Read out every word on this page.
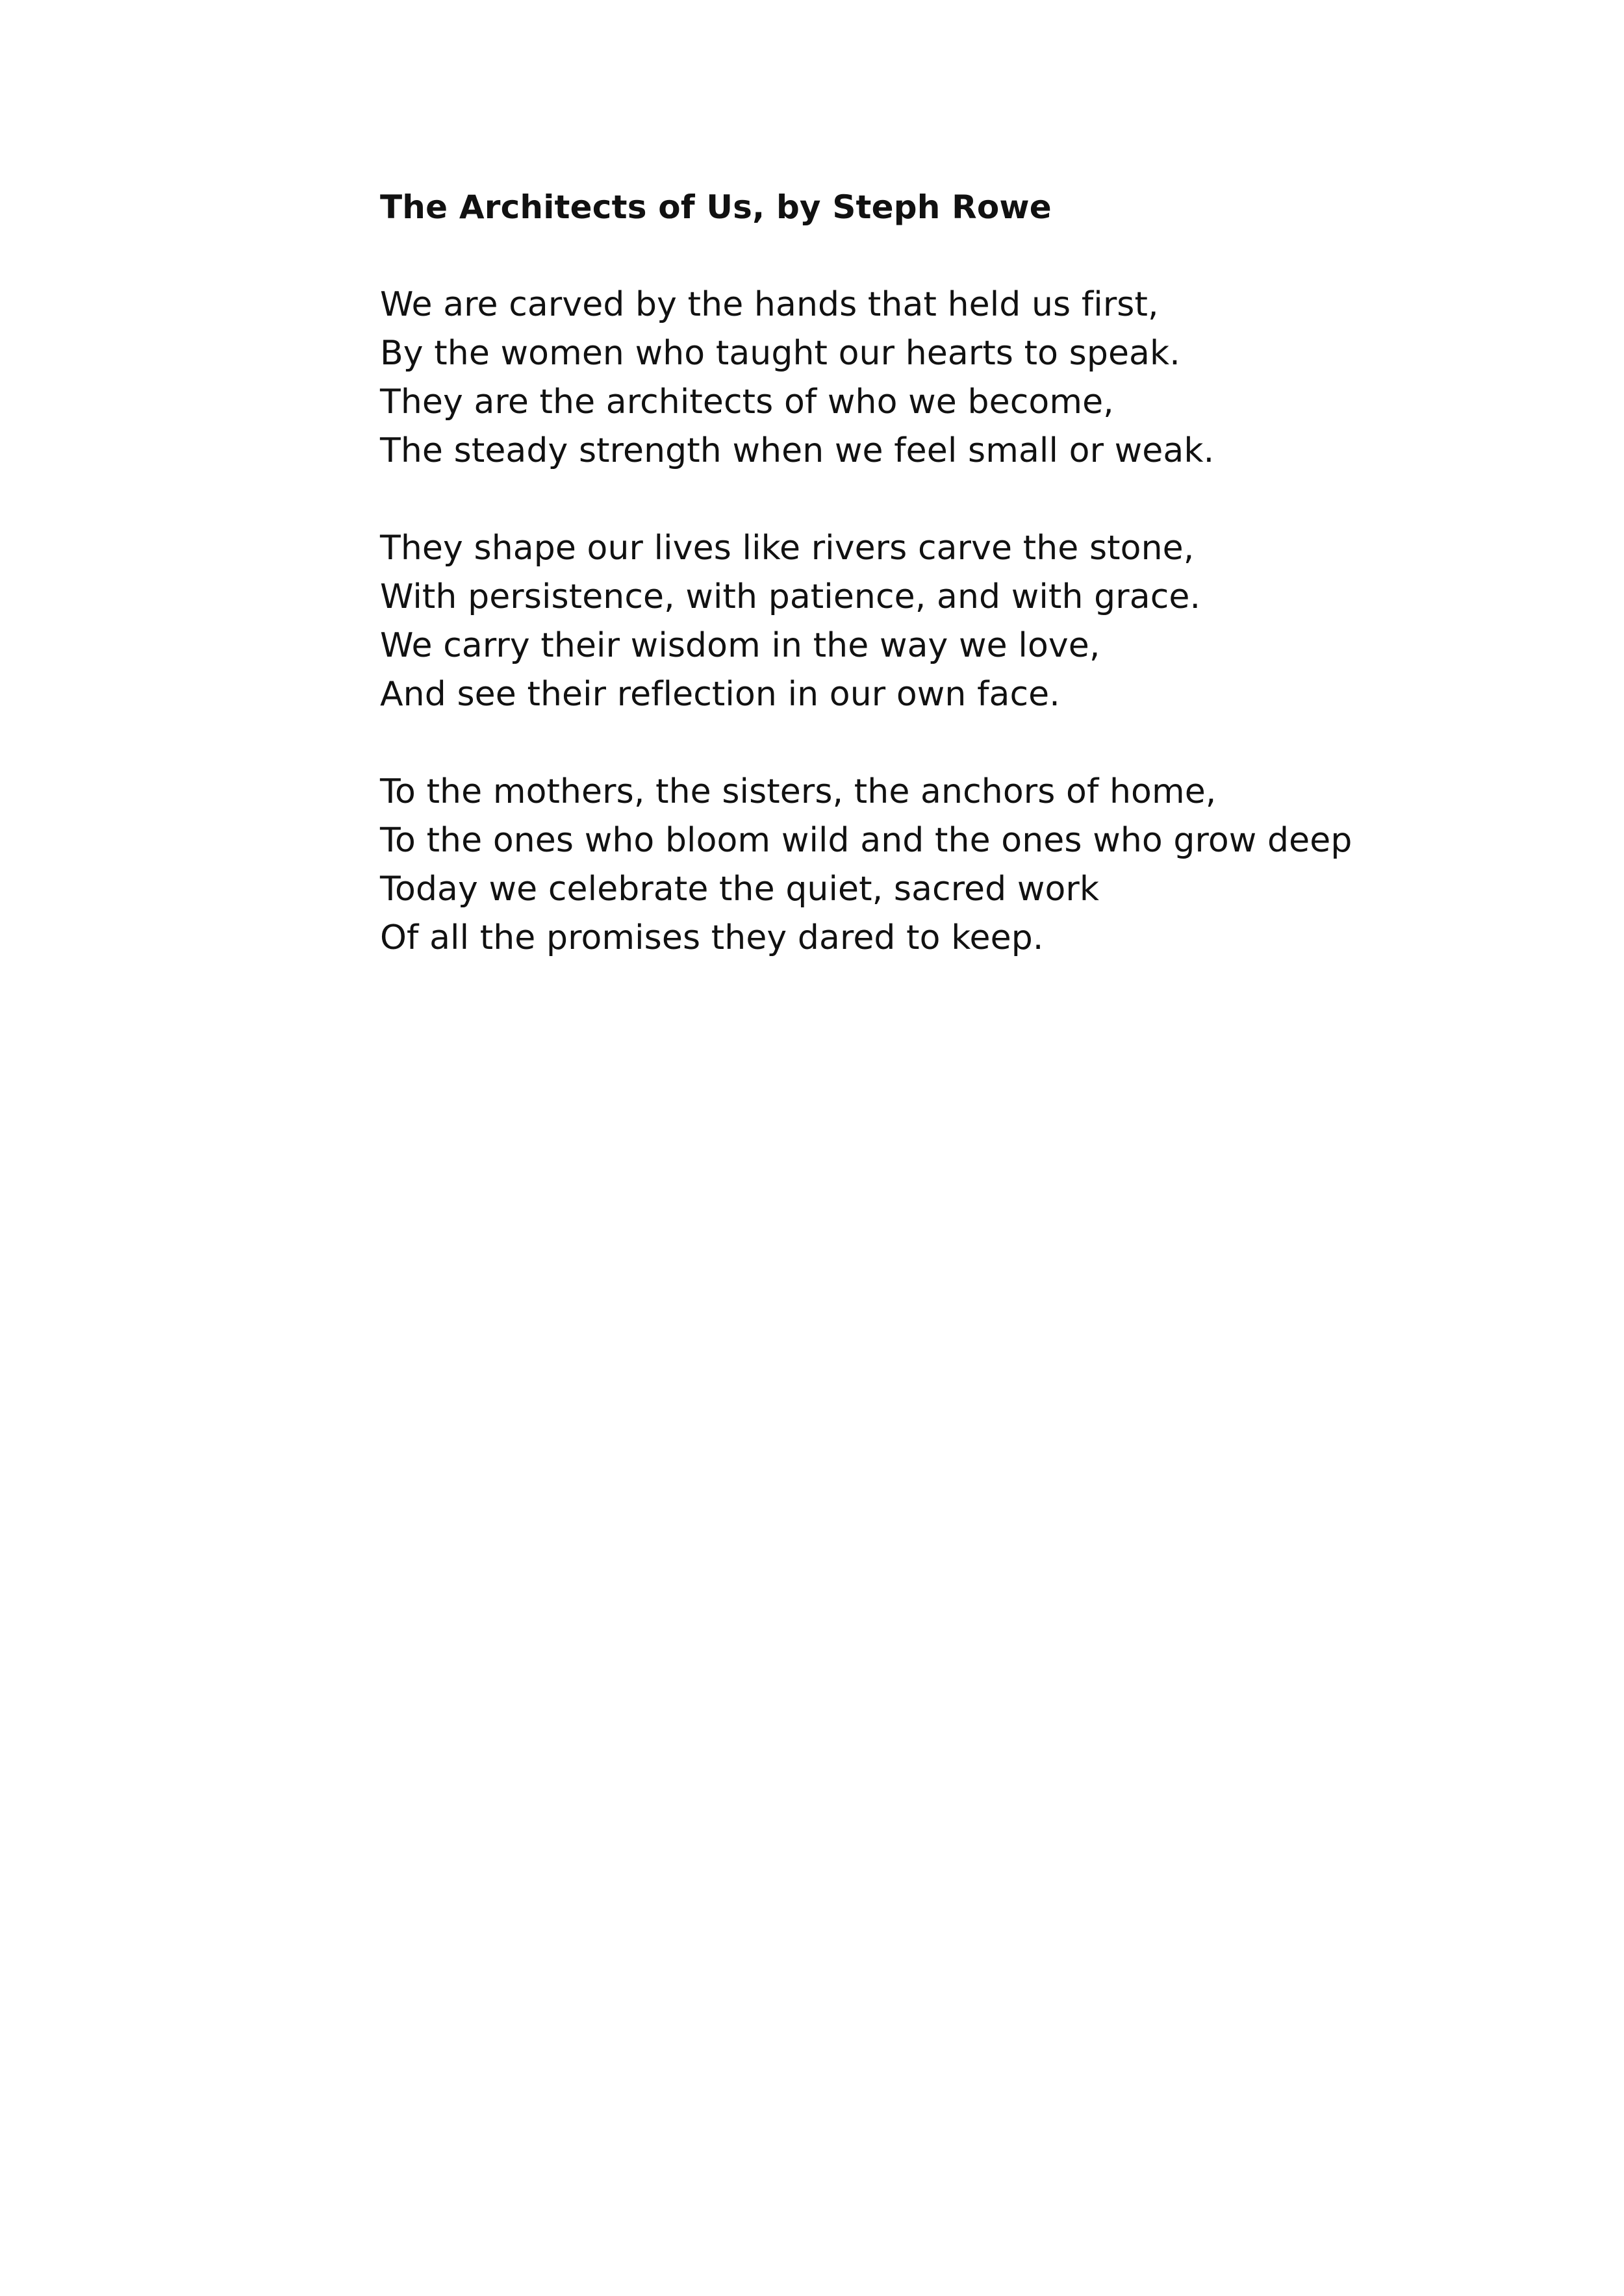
The Architects of Us, by Steph Rowe
We are carved by the hands that held us first,
By the women who taught our hearts to speak.
They are the architects of who we become,
The steady strength when we feel small or weak.
They shape our lives like rivers carve the stone,
With persistence, with patience, and with grace.
We carry their wisdom in the way we love,
And see their reflection in our own face.
To the mothers, the sisters, the anchors of home,
To the ones who bloom wild and the ones who grow deep
Today we celebrate the quiet, sacred work
Of all the promises they dared to keep.
